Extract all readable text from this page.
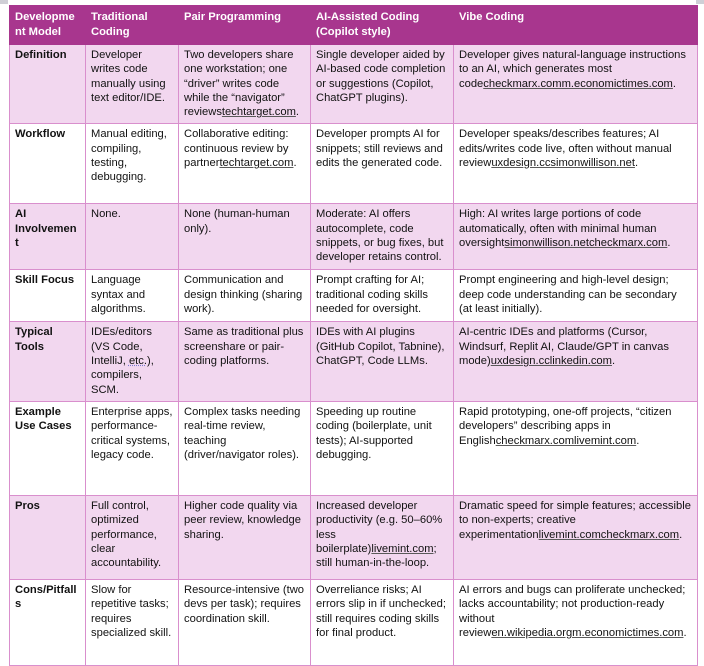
Development Model	Traditional Coding	Pair Programming	AI-Assisted Coding (Copilot style)	Vibe Coding
Definition	Developer writes code manually using text editor/IDE.	Two developers share one workstation; one “driver” writes code while the “navigator” reviewstechtarget.com.	Single developer aided by AI-based code completion or suggestions (Copilot, ChatGPT plugins).	Developer gives natural-language instructions to an AI, which generates most codecheckmarx.comm.economictimes.com.
Workflow	Manual editing, compiling, testing, debugging.	Collaborative editing: continuous review by partnertechtarget.com.	Developer prompts AI for snippets; still reviews and edits the generated code.	Developer speaks/describes features; AI edits/writes code live, often without manual reviewuxdesign.ccsimonwillison.net.
AI Involvement	None.	None (human-human only).	Moderate: AI offers autocomplete, code snippets, or bug fixes, but developer retains control.	High: AI writes large portions of code automatically, often with minimal human oversightsimonwillison.netcheckmarx.com.
Skill Focus	Language syntax and algorithms.	Communication and design thinking (sharing work).	Prompt crafting for AI; traditional coding skills needed for oversight.	Prompt engineering and high-level design; deep code understanding can be secondary (at least initially).
Typical Tools	IDEs/editors (VS Code, IntelliJ, etc.), compilers, SCM.	Same as traditional plus screenshare or pair-coding platforms.	IDEs with AI plugins (GitHub Copilot, Tabnine), ChatGPT, Code LLMs.	AI-centric IDEs and platforms (Cursor, Windsurf, Replit AI, Claude/GPT in canvas mode)uxdesign.cclinkedin.com.
Example Use Cases	Enterprise apps, performance-critical systems, legacy code.	Complex tasks needing real-time review, teaching (driver/navigator roles).	Speeding up routine coding (boilerplate, unit tests); AI-supported debugging.	Rapid prototyping, one-off projects, “citizen developers” describing apps in Englishcheckmarx.comlivemint.com.
Pros	Full control, optimized performance, clear accountability.	Higher code quality via peer review, knowledge sharing.	Increased developer productivity (e.g. 50–60% less boilerplate)livemint.com; still human-in-the-loop.	Dramatic speed for simple features; accessible to non-experts; creative experimentationlivemint.comcheckmarx.com.
Cons/Pitfalls	Slow for repetitive tasks; requires specialized skill.	Resource-intensive (two devs per task); requires coordination skill.	Overreliance risks; AI errors slip in if unchecked; still requires coding skills for final product.	AI errors and bugs can proliferate unchecked; lacks accountability; not production-ready without reviewen.wikipedia.orgm.economictimes.com.
